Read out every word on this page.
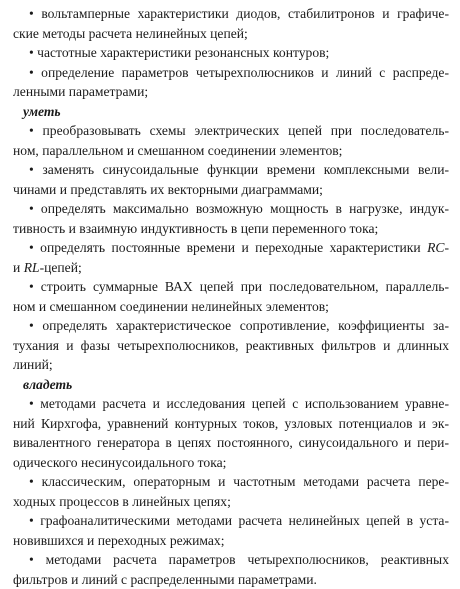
• вольтамперные характеристики диодов, стабилитронов и графиче-
ские методы расчета нелинейных цепей;
• частотные характеристики резонансных контуров;
• определение параметров четырехполюсников и линий с распреде-
ленными параметрами;
уметь
• преобразовывать схемы электрических цепей при последователь-
ном, параллельном и смешанном соединении элементов;
• заменять синусоидальные функции времени комплексными вели-
чинами и представлять их векторными диаграммами;
• определять максимально возможную мощность в нагрузке, индук-
тивность и взаимную индуктивность в цепи переменного тока;
• определять постоянные времени и переходные характеристики RC-
и RL-цепей;
• строить суммарные ВАХ цепей при последовательном, параллель-
ном и смешанном соединении нелинейных элементов;
• определять характеристическое сопротивление, коэффициенты за-
тухания и фазы четырехполюсников, реактивных фильтров и длинных
линий;
владеть
• методами расчета и исследования цепей с использованием уравне-
ний Кирхгофа, уравнений контурных токов, узловых потенциалов и эк-
вивалентного генератора в цепях постоянного, синусоидального и пери-
одического несинусоидального тока;
• классическим, операторным и частотным методами расчета пере-
ходных процессов в линейных цепях;
• графоаналитическими методами расчета нелинейных цепей в уста-
новившихся и переходных режимах;
• методами расчета параметров четырехполюсников, реактивных
фильтров и линий с распределенными параметрами.
